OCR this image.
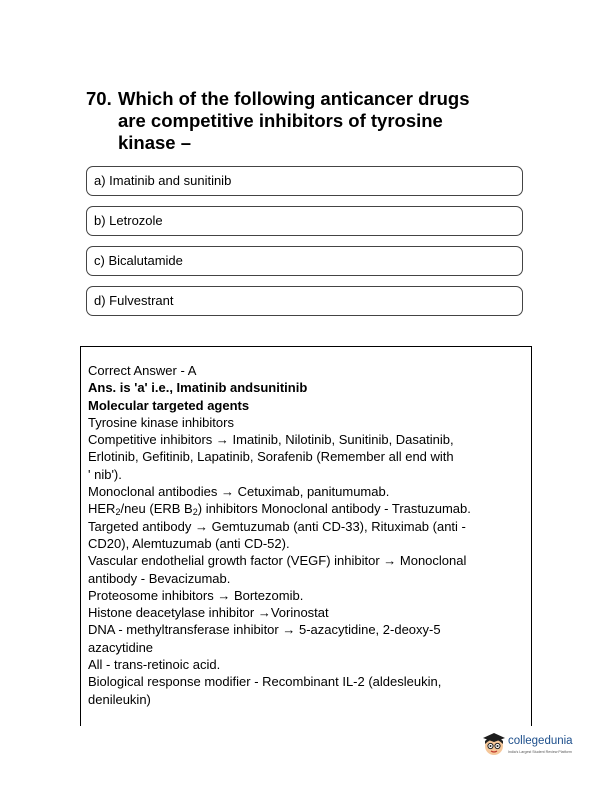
70. Which of the following anticancer drugs
are competitive inhibitors of tyrosine
kinase –
a) Imatinib and sunitinib
b) Letrozole
c) Bicalutamide
d) Fulvestrant
Correct Answer - A
Ans. is 'a' i.e., Imatinib andsunitinib
Molecular targeted agents
Tyrosine kinase inhibitors
Competitive inhibitors → Imatinib, Nilotinib, Sunitinib, Dasatinib,
Erlotinib, Gefitinib, Lapatinib, Sorafenib (Remember all end with
' nib').
Monoclonal antibodies → Cetuximab, panitumumab.
$HER_2$/neu (ERB $B_2$) inhibitors Monoclonal antibody - Trastuzumab.
Targeted antibody → Gemtuzumab (anti CD-33), Rituximab (anti -
CD20), Alemtuzumab (anti CD-52).
Vascular endothelial growth factor (VEGF) inhibitor → Monoclonal
antibody - Bevacizumab.
Proteosome inhibitors → Bortezomib.
Histone deacetylase inhibitor →Vorinostat
DNA - methyltransferase inhibitor → 5-azacytidine, 2-deoxy-5
azacytidine
All - trans-retinoic acid.
Biological response modifier - Recombinant IL-2 (aldesleukin,
denileukin)
collegedunia
India's Largest Student Review Platform
